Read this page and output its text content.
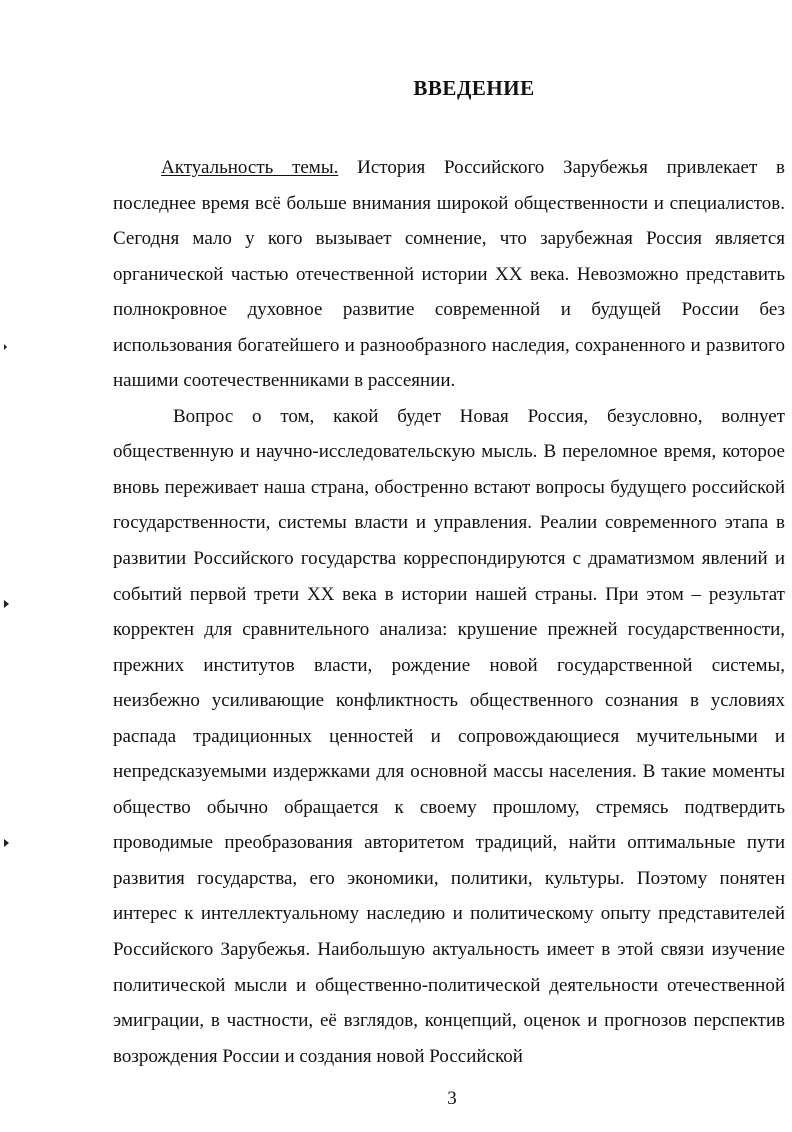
ВВЕДЕНИЕ

Актуальность темы. История Российского Зарубежья привлекает в последнее время всё больше внимания широкой общественности и специалистов. Сегодня мало у кого вызывает сомнение, что зарубежная Россия является органической частью отечественной истории XX века. Невозможно представить полнокровное духовное развитие современной и будущей России без использования богатейшего и разнообразного наследия, сохраненного и развитого нашими соотечественниками в рассеянии.

Вопрос о том, какой будет Новая Россия, безусловно, волнует общественную и научно-исследовательскую мысль. В переломное время, которое вновь переживает наша страна, обостренно встают вопросы будущего российской государственности, системы власти и управления. Реалии современного этапа в развитии Российского государства корреспондируются с драматизмом явлений и событий первой трети XX века в истории нашей страны. При этом – результат корректен для сравнительного анализа: крушение прежней государственности, прежних институтов власти, рождение новой государственной системы, неизбежно усиливающие конфликтность общественного сознания в условиях распада традиционных ценностей и сопровождающиеся мучительными и непредсказуемыми издержками для основной массы населения. В такие моменты общество обычно обращается к своему прошлому, стремясь подтвердить проводимые преобразования авторитетом традиций, найти оптимальные пути развития государства, его экономики, политики, культуры. Поэтому понятен интерес к интеллектуальному наследию и политическому опыту представителей Российского Зарубежья. Наибольшую актуальность имеет в этой связи изучение политической мысли и общественно-политической деятельности отечественной эмиграции, в частности, её взглядов, концепций, оценок и прогнозов перспектив возрождения России и создания новой Российской

3
